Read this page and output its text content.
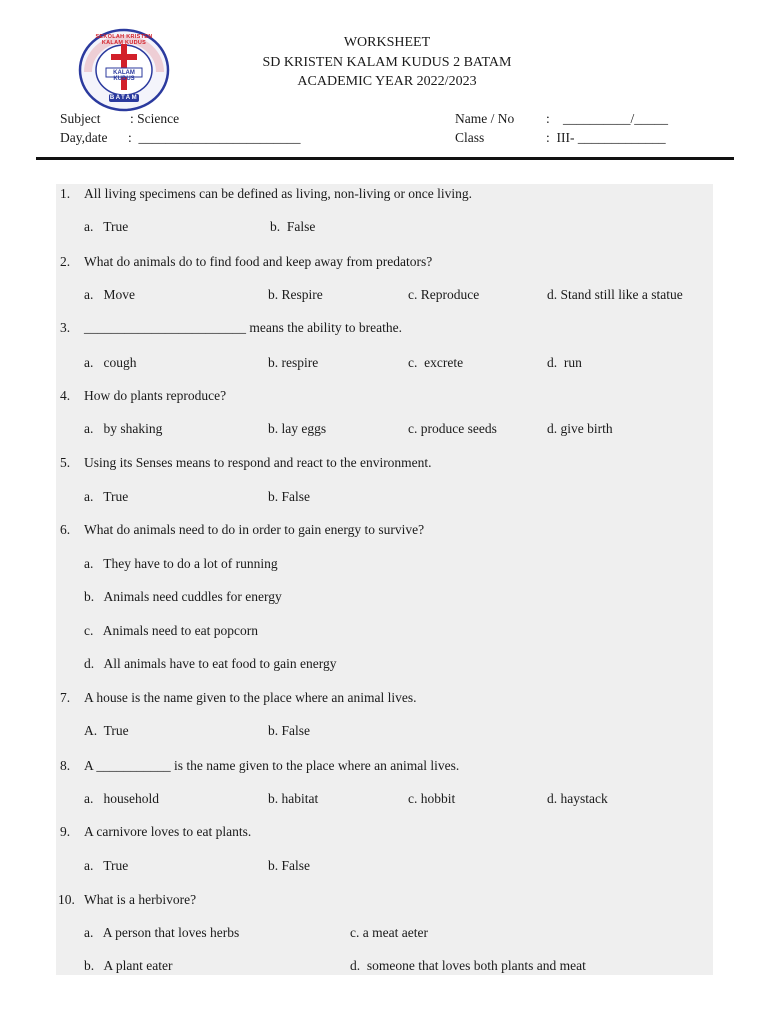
SEKOLAH KRISTEN KALAM KUDUS
KALAM KUDUS
BATAM
WORKSHEET
SD KRISTEN KALAM KUDUS 2 BATAM
ACADEMIC YEAR 2022/2023
Subject : Science
Day,date :  ________________________
Name / No : __________/_____
Class	:  III- _____________
1. All living specimens can be defined as living, non-living or once living.
a.   True	b.  False
2. What do animals do to find food and keep away from predators?
a.   Move	b. Respire	c. Reproduce	d. Stand still like a statue
3. ________________________ means the ability to breathe.
a.   cough	b. respire	c.  excrete	d.  run
4. How do plants reproduce?
a.   by shaking	b. lay eggs	c. produce seeds	d. give birth
5. Using its Senses means to respond and react to the environment.
a.   True	b. False
6. What do animals need to do in order to gain energy to survive?
a.   They have to do a lot of running
b.   Animals need cuddles for energy
c.   Animals need to eat popcorn
d.   All animals have to eat food to gain energy
7. A house is the name given to the place where an animal lives.
A.  True	b. False
8. A ___________ is the name given to the place where an animal lives.
a.   household	b. habitat	c. hobbit	d. haystack
9. A carnivore loves to eat plants.
a.   True	b. False
10. What is a herbivore?
a.   A person that loves herbs	c. a meat aeter
b.   A plant eater	d.  someone that loves both plants and meat
